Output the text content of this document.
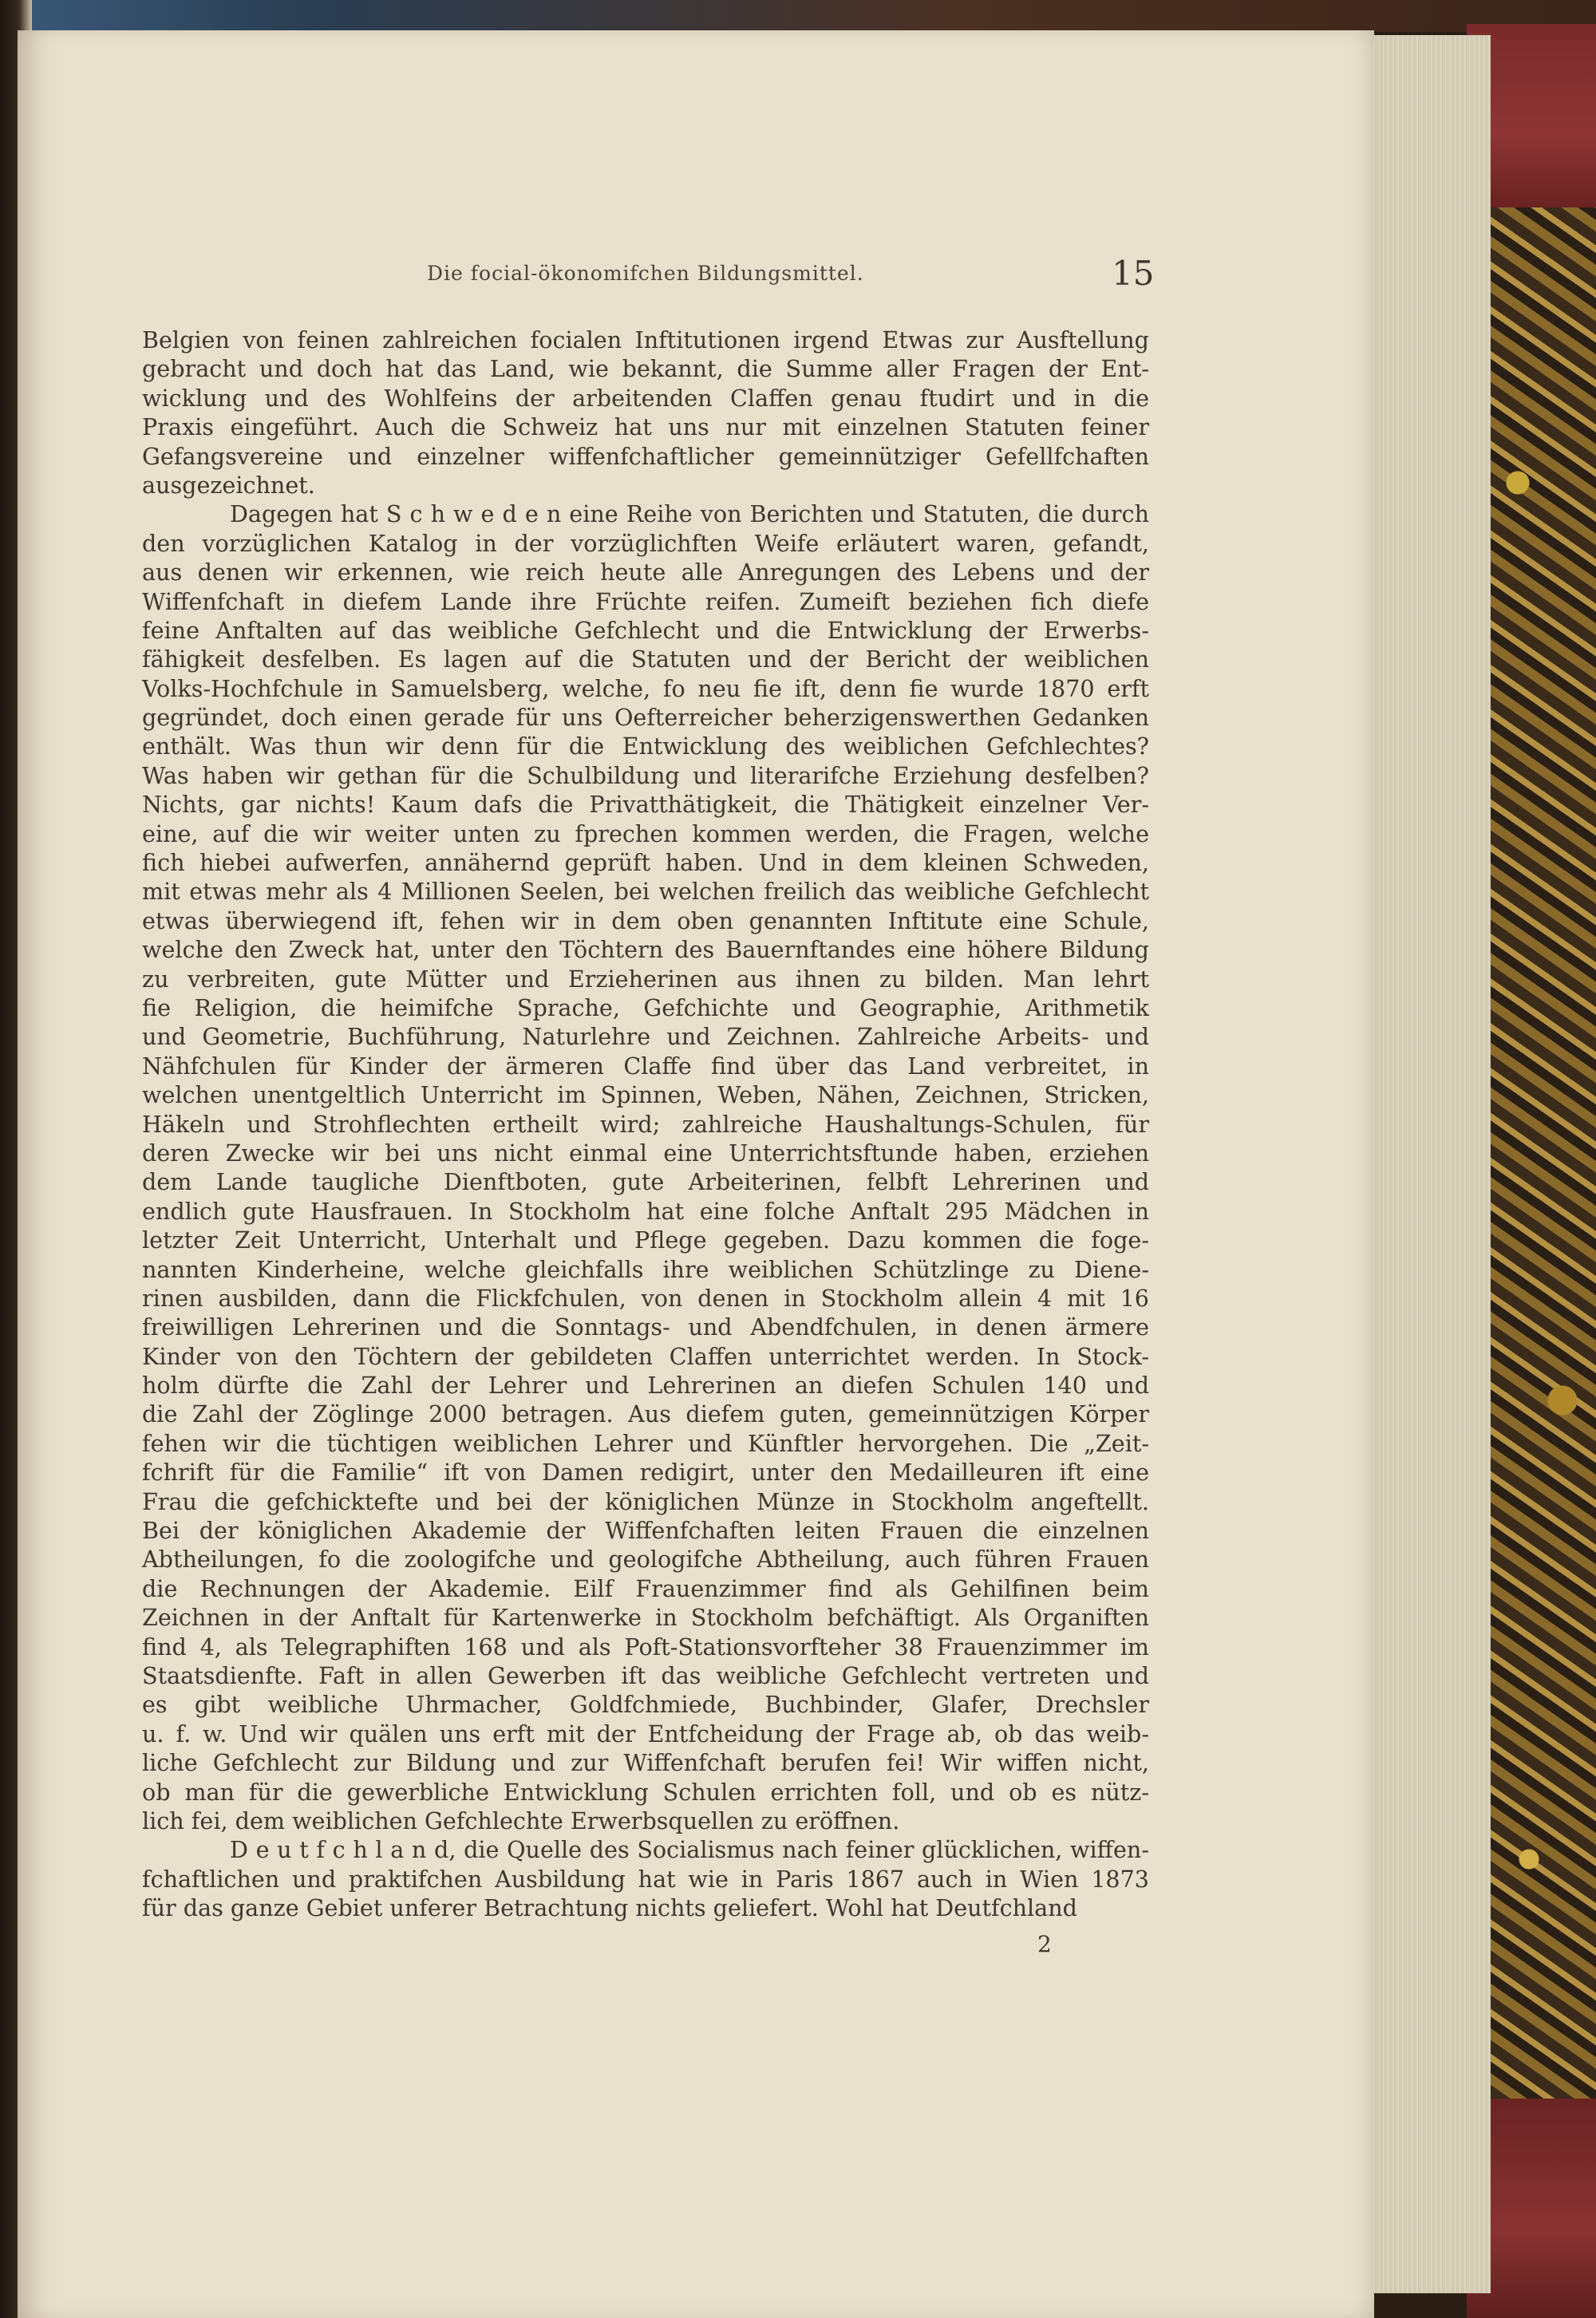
Die focial-ökonomifchen Bildungsmittel.	15
Belgien von feinen zahlreichen focialen Inftitutionen irgend Etwas zur Ausftellung
gebracht und doch hat das Land, wie bekannt, die Summe aller Fragen der Ent-
wicklung und des Wohlfeins der arbeitenden Claffen genau ftudirt und in die
Praxis eingeführt. Auch die Schweiz hat uns nur mit einzelnen Statuten feiner
Gefangsvereine und einzelner wiffenfchaftlicher gemeinnütziger Gefellfchaften
ausgezeichnet.
Dagegen hat S c h w e d e n eine Reihe von Berichten und Statuten, die durch
den vorzüglichen Katalog in der vorzüglichften Weife erläutert waren, gefandt,
aus denen wir erkennen, wie reich heute alle Anregungen des Lebens und der
Wiffenfchaft in diefem Lande ihre Früchte reifen. Zumeift beziehen fich diefe
feine Anftalten auf das weibliche Gefchlecht und die Entwicklung der Erwerbs-
fähigkeit desfelben. Es lagen auf die Statuten und der Bericht der weiblichen
Volks-Hochfchule in Samuelsberg, welche, fo neu fie ift, denn fie wurde 1870 erft
gegründet, doch einen gerade für uns Oefterreicher beherzigenswerthen Gedanken
enthält. Was thun wir denn für die Entwicklung des weiblichen Gefchlechtes?
Was haben wir gethan für die Schulbildung und literarifche Erziehung desfelben?
Nichts, gar nichts! Kaum dafs die Privatthätigkeit, die Thätigkeit einzelner Ver-
eine, auf die wir weiter unten zu fprechen kommen werden, die Fragen, welche
fich hiebei aufwerfen, annähernd geprüft haben. Und in dem kleinen Schweden,
mit etwas mehr als 4 Millionen Seelen, bei welchen freilich das weibliche Gefchlecht
etwas überwiegend ift, fehen wir in dem oben genannten Inftitute eine Schule,
welche den Zweck hat, unter den Töchtern des Bauernftandes eine höhere Bildung
zu verbreiten, gute Mütter und Erzieherinen aus ihnen zu bilden. Man lehrt
fie Religion, die heimifche Sprache, Gefchichte und Geographie, Arithmetik
und Geometrie, Buchführung, Naturlehre und Zeichnen. Zahlreiche Arbeits- und
Nähfchulen für Kinder der ärmeren Claffe find über das Land verbreitet, in
welchen unentgeltlich Unterricht im Spinnen, Weben, Nähen, Zeichnen, Stricken,
Häkeln und Strohflechten ertheilt wird; zahlreiche Haushaltungs-Schulen, für
deren Zwecke wir bei uns nicht einmal eine Unterrichtsftunde haben, erziehen
dem Lande taugliche Dienftboten, gute Arbeiterinen, felbft Lehrerinen und
endlich gute Hausfrauen. In Stockholm hat eine folche Anftalt 295 Mädchen in
letzter Zeit Unterricht, Unterhalt und Pflege gegeben. Dazu kommen die foge-
nannten Kinderheine, welche gleichfalls ihre weiblichen Schützlinge zu Diene-
rinen ausbilden, dann die Flickfchulen, von denen in Stockholm allein 4 mit 16
freiwilligen Lehrerinen und die Sonntags- und Abendfchulen, in denen ärmere
Kinder von den Töchtern der gebildeten Claffen unterrichtet werden. In Stock-
holm dürfte die Zahl der Lehrer und Lehrerinen an diefen Schulen 140 und
die Zahl der Zöglinge 2000 betragen. Aus diefem guten, gemeinnützigen Körper
fehen wir die tüchtigen weiblichen Lehrer und Künftler hervorgehen. Die „Zeit-
fchrift für die Familie“ ift von Damen redigirt, unter den Medailleuren ift eine
Frau die gefchicktefte und bei der königlichen Münze in Stockholm angeftellt.
Bei der königlichen Akademie der Wiffenfchaften leiten Frauen die einzelnen
Abtheilungen, fo die zoologifche und geologifche Abtheilung, auch führen Frauen
die Rechnungen der Akademie. Eilf Frauenzimmer find als Gehilfinen beim
Zeichnen in der Anftalt für Kartenwerke in Stockholm befchäftigt. Als Organiften
find 4, als Telegraphiften 168 und als Poft-Stationsvorfteher 38 Frauenzimmer im
Staatsdienfte. Faft in allen Gewerben ift das weibliche Gefchlecht vertreten und
es gibt weibliche Uhrmacher, Goldfchmiede, Buchbinder, Glafer, Drechsler
u. f. w. Und wir quälen uns erft mit der Entfcheidung der Frage ab, ob das weib-
liche Gefchlecht zur Bildung und zur Wiffenfchaft berufen fei! Wir wiffen nicht,
ob man für die gewerbliche Entwicklung Schulen errichten foll, und ob es nütz-
lich fei, dem weiblichen Gefchlechte Erwerbsquellen zu eröffnen.
D e u t f c h l a n d, die Quelle des Socialismus nach feiner glücklichen, wiffen-
fchaftlichen und praktifchen Ausbildung hat wie in Paris 1867 auch in Wien 1873
für das ganze Gebiet unferer Betrachtung nichts geliefert. Wohl hat Deutfchland
2
